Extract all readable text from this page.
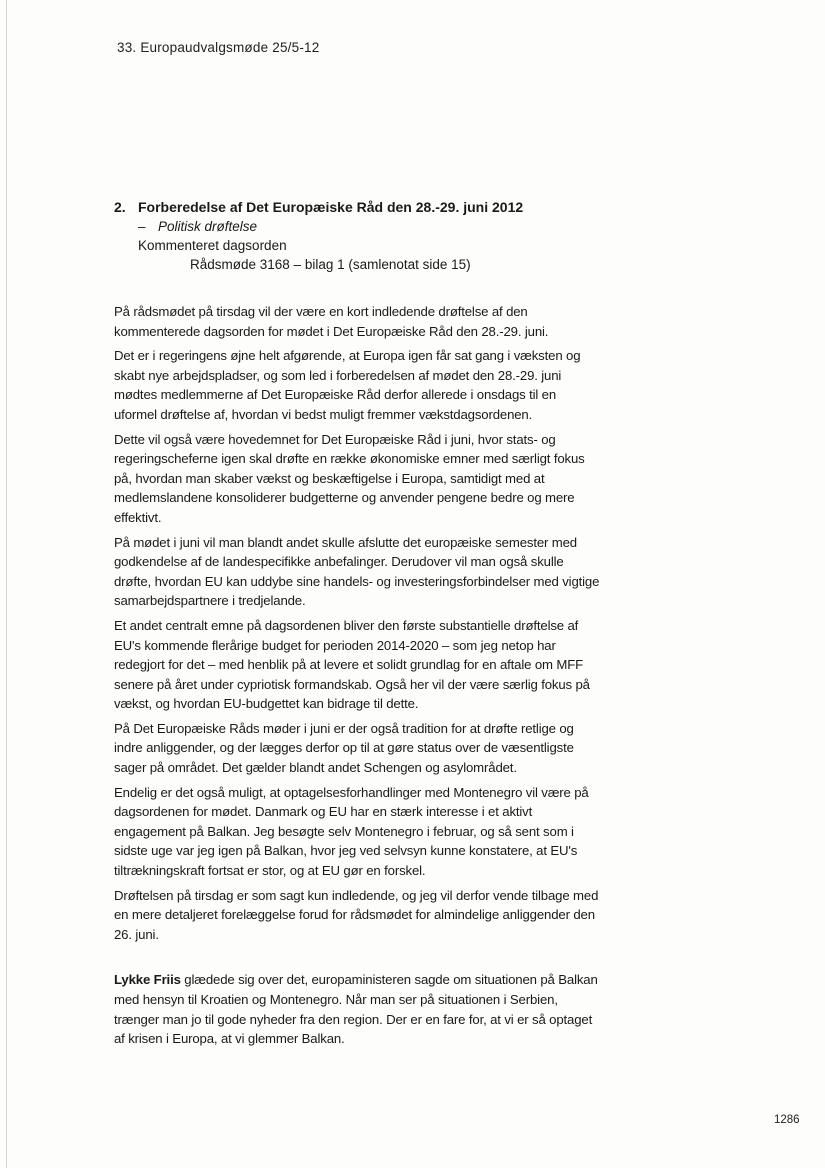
33. Europaudvalgsmøde 25/5-12
2. Forberedelse af Det Europæiske Råd den 28.-29. juni 2012
– Politisk drøftelse
Kommenteret dagsorden
Rådsmøde 3168 – bilag 1 (samlenotat side 15)

På rådsmødet på tirsdag vil der være en kort indledende drøftelse af den kommenterede dagsorden for mødet i Det Europæiske Råd den 28.-29. juni.

Det er i regeringens øjne helt afgørende, at Europa igen får sat gang i væksten og skabt nye arbejdspladser, og som led i forberedelsen af mødet den 28.-29. juni mødtes medlemmerne af Det Europæiske Råd derfor allerede i onsdags til en uformel drøftelse af, hvordan vi bedst muligt fremmer vækstdagsordenen.

Dette vil også være hovedemnet for Det Europæiske Råd i juni, hvor stats- og regeringscheferne igen skal drøfte en række økonomiske emner med særligt fokus på, hvordan man skaber vækst og beskæftigelse i Europa, samtidigt med at medlemslandene konsoliderer budgetterne og anvender pengene bedre og mere effektivt.

På mødet i juni vil man blandt andet skulle afslutte det europæiske semester med godkendelse af de landespecifikke anbefalinger. Derudover vil man også skulle drøfte, hvordan EU kan uddybe sine handels- og investeringsforbindelser med vigtige samarbejdspartnere i tredjelande.

Et andet centralt emne på dagsordenen bliver den første substantielle drøftelse af EU's kommende flerårige budget for perioden 2014-2020 – som jeg netop har redegjort for det – med henblik på at levere et solidt grundlag for en aftale om MFF senere på året under cypriotisk formandskab. Også her vil der være særlig fokus på vækst, og hvordan EU-budgettet kan bidrage til dette.

På Det Europæiske Råds møder i juni er der også tradition for at drøfte retlige og indre anliggender, og der lægges derfor op til at gøre status over de væsentligste sager på området. Det gælder blandt andet Schengen og asylområdet.

Endelig er det også muligt, at optagelsesforhandlinger med Montenegro vil være på dagsordenen for mødet. Danmark og EU har en stærk interesse i et aktivt engagement på Balkan. Jeg besøgte selv Montenegro i februar, og så sent som i sidste uge var jeg igen på Balkan, hvor jeg ved selvsyn kunne konstatere, at EU's tiltrækningskraft fortsat er stor, og at EU gør en forskel.

Drøftelsen på tirsdag er som sagt kun indledende, og jeg vil derfor vende tilbage med en mere detaljeret forelæggelse forud for rådsmødet for almindelige anliggender den 26. juni.

Lykke Friis glædede sig over det, europaministeren sagde om situationen på Balkan med hensyn til Kroatien og Montenegro. Når man ser på situationen i Serbien, trænger man jo til gode nyheder fra den region. Der er en fare for, at vi er så optaget af krisen i Europa, at vi glemmer Balkan.

1286
